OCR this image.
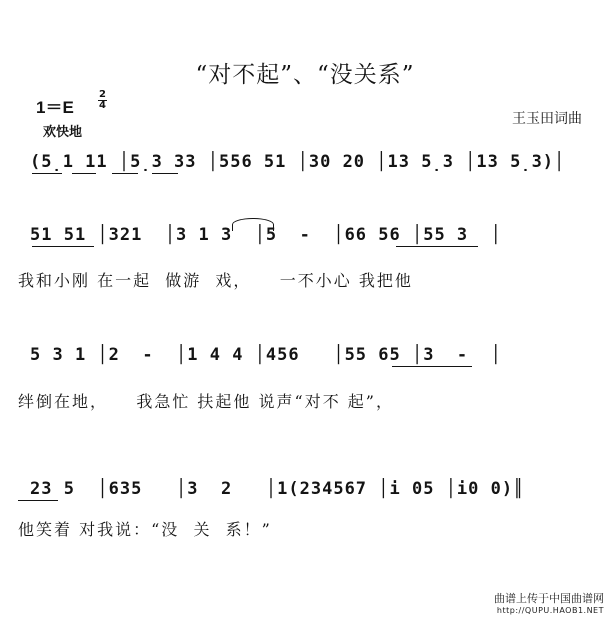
“对不起”、“没关系”
$1=E \frac{2}{4}$
欢快地
王玉田词曲
(5̣1 11 │5̣3 33 │556 51 │30 20 │13 5̣3 │13 5̣3)│
51 51 │321  │3 1 3  │5  -  │66 56 │55 3  │
我和小刚 在一起  做游  戏，    一不小心 我把他
5 3 1 │2  -  │1 4 4 │456   │55 65 │3  -  │
绊倒在地，    我急忙 扶起他 说声“对不 起”，
23 5  │635   │3  2   │1(234567 │i 05 │i0 0)║
他笑着 对我说：“没  关  系！”
曲谱上传于中国曲谱网
http://QUPU.HAOB1.NET
